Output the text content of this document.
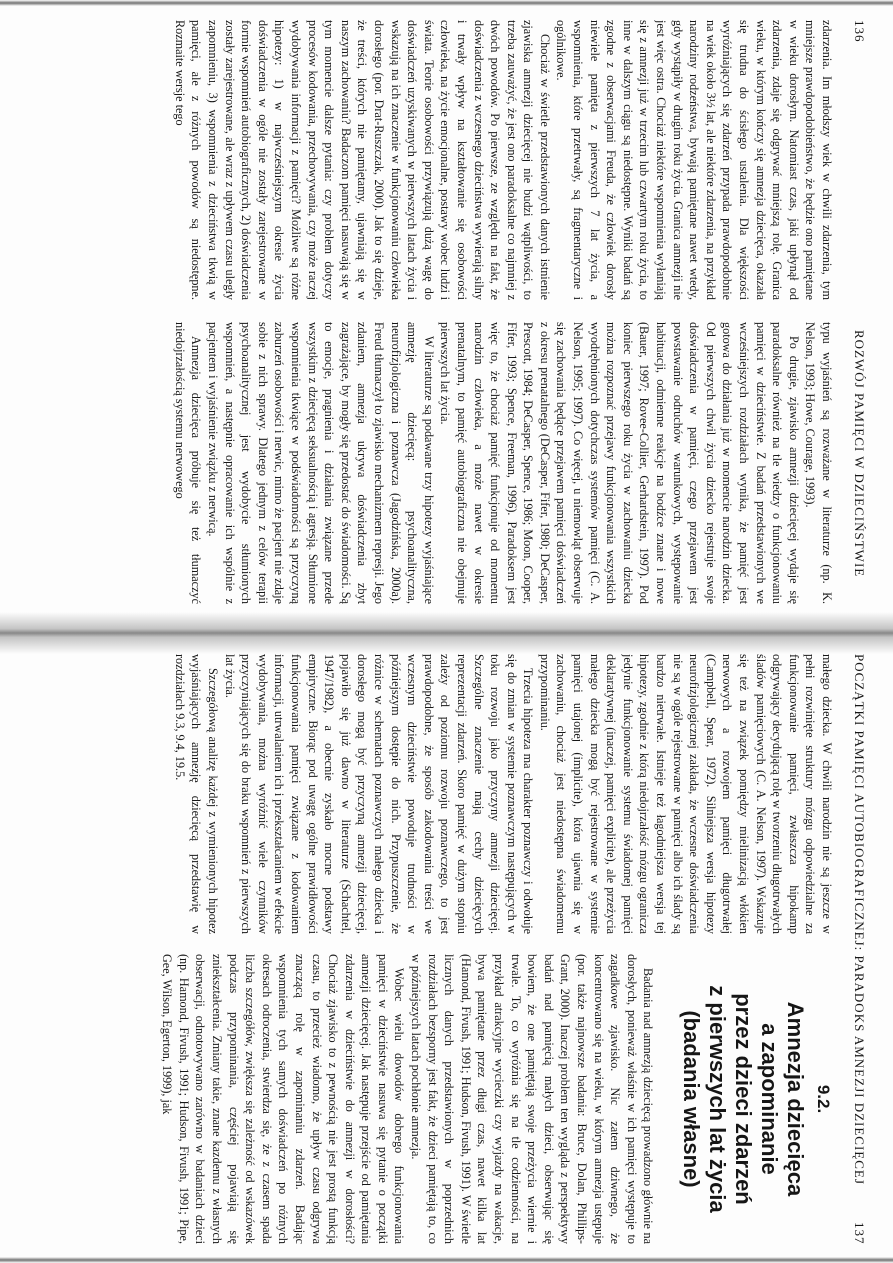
136
ROZWÓJ PAMIĘCI W DZIECIŃSTWIE

zdarzenia. Im młodszy wiek w chwili zdarzenia, tym mniejsze prawdopodobieństwo, że będzie ono pamiętane w wieku dorosłym. Natomiast czas, jaki upłynął od zdarzenia, zdaje się odgrywać mniejszą rolę. Granica wieku, w którym kończy się amnezja dziecięca, okazała się trudna do ścisłego ustalenia. Dla większości wyróżniających się zdarzeń przypada prawdopodobnie na wiek około 3½ lat, ale niektóre zdarzenia, na przykład narodziny rodzeństwa, bywają pamiętane nawet wtedy, gdy wystąpiły w drugim roku życia. Granica amnezji nie jest więc ostra. Chociaż niektóre wspomnienia wyłaniają się z amnezji już w trzecim lub czwartym roku życia, to inne w dalszym ciągu są niedostępne. Wyniki badań są zgodne z obserwacjami Freuda, że człowiek dorosły niewiele pamięta z pierwszych 7 lat życia, a wspomnienia, które przetrwały, są fragmentaryczne i ogólnikowe.

Chociaż w świetle przedstawionych danych istnienie zjawiska amnezji dziecięcej nie budzi wątpliwości, to trzeba zauważyć, że jest ono paradoksalne co najmniej z dwóch powodów. Po pierwsze, ze względu na fakt, że doświadczenia z wczesnego dzieciństwa wywierają silny i trwały wpływ na kształtowanie się osobowości człowieka, na życie emocjonalne, postawy wobec ludzi i świata. Teorie osobowości przywiązują dużą wagę do doświadczeń uzyskiwanych w pierwszych latach życia i wskazują na ich znaczenie w funkcjonowaniu człowieka dorosłego (por. Drat-Ruszczak, 2000). Jak to się dzieje, że treści, których nie pamiętamy, ujawniają się w naszym zachowaniu? Badaczom pamięci nasuwają się w tym momencie dalsze pytania: czy problem dotyczy procesów kodowania, przechowywania, czy może raczej wydobywania informacji z pamięci? Możliwe są różne hipotezy: 1) w najwcześniejszym okresie życia doświadczenia w ogóle nie zostały zarejestrowane w formie wspomnień autobiograficznych, 2) doświadczenia zostały zarejestrowane, ale wraz z upływem czasu uległy zapomnieniu, 3) wspomnienia z dzieciństwa tkwią w pamięci, ale z różnych powodów są niedostępne. Rozmaite wersje tego

typu wyjaśnień są rozważane w literaturze (np. K. Nelson, 1993; Howe, Courage, 1993).

Po drugie, zjawisko amnezji dziecięcej wydaje się paradoksalne również na tle wiedzy o funkcjonowaniu pamięci w dzieciństwie. Z badań przedstawionych we wcześniejszych rozdziałach wynika, że pamięć jest gotowa do działania już w momencie narodzin dziecka. Od pierwszych chwil życia dziecko rejestruje swoje doświadczenia w pamięci, czego przejawem jest powstawanie odruchów warunkowych, występowanie habituacji, odmienne reakcje na bodźce znane i nowe (Bauer, 1997; Rovee-Collier, Gerhardstein, 1997). Pod koniec pierwszego roku życia w zachowaniu dziecka można rozpoznać przejawy funkcjonowania wszystkich wyodrębnionych dotychczas systemów pamięci (C. A. Nelson, 1995; 1997). Co więcej, u niemowląt obserwuje się zachowania będące przejawem pamięci doświadczeń z okresu prenatalnego (DeCasper, Fifer, 1980; DeCasper, Prescott, 1984; DeCasper, Spence, 1986; Moon, Cooper, Fifer, 1993; Spence, Freeman, 1996). Paradoksem jest więc to, że chociaż pamięć funkcjonuje od momentu narodzin człowieka, a może nawet w okresie prenatalnym, to pamięć autobiograficzna nie obejmuje pierwszych lat życia.

W literaturze są podawane trzy hipotezy wyjaśniające amnezję dziecięcą: psychoanalityczna, neurofizjologiczna i poznawcza (Jagodzińska, 2000a). Freud tłumaczył to zjawisko mechanizmem represji. Jego zdaniem, amnezja ukrywa doświadczenia zbyt zagrażające, by mogły się przedostać do świadomości. Są to emocje, pragnienia i działania związane przede wszystkim z dziecięcą seksualnością i agresją. Stłumione wspomnienia tkwiące w podświadomości są przyczyną zaburzeń osobowości i nerwic, mimo że pacjent nie zdaje sobie z nich sprawy. Dlatego jednym z celów terapii psychoanalitycznej jest wydobycie stłumionych wspomnień, a następnie opracowanie ich wspólnie z pacjentem i wyjaśnienie związku z nerwicą.

Amnezja dziecięca próbuje się też tłumaczyć niedojrzałością systemu nerwowego

POCZĄTKI PAMIĘCI AUTOBIOGRAFICZNEJ: PARADOKS AMNEZJI DZIECIĘCEJ
137

małego dziecka. W chwili narodzin nie są jeszcze w pełni rozwinięte struktury mózgu odpowiedzialne za funkcjonowanie pamięci, zwłaszcza hipokamp odgrywający decydującą rolę w tworzeniu długotrwałych śladów pamięciowych (C. A. Nelson, 1997). Wskazuje się też na związek pomiędzy mielinizacją włókien nerwowych a rozwojem pamięci długotrwałej (Campbell, Spear, 1972). Silniejsza wersja hipotezy neurofizjologicznej zakłada, że wczesne doświadczenia nie są w ogóle rejestrowane w pamięci albo ich ślady są bardzo nietrwałe. Istnieje też łagodniejsza wersja tej hipotezy, zgodnie z którą niedojrzałość mózgu ogranicza jedynie funkcjonowanie systemu świadomej pamięci deklaratywnej (inaczej, pamięci explicite), ale przeżycia małego dziecka mogą być rejestrowane w systemie pamięci utajonej (implicite), która ujawnia się w zachowaniu, chociaż jest niedostępna świadomemu przypominaniu.

Trzecia hipoteza ma charakter poznawczy i odwołuje się do zmian w systemie poznawczym następujących w toku rozwoju jako przyczyny amnezji dziecięcej. Szczególne znaczenie mają cechy dziecięcych reprezentacji zdarzeń. Skoro pamięć w dużym stopniu zależy od poziomu rozwoju poznawczego, to jest prawdopodobne, że sposób zakodowania treści we wczesnym dzieciństwie powoduje trudności w późniejszym dostępie do nich. Przypuszczenie, że różnice w schematach poznawczych małego dziecka i dorosłego mogą być przyczyną amnezji dziecięcej, pojawiło się już dawno w literaturze (Schachtel, 1947/1982), a obecnie zyskało mocne podstawy empiryczne. Biorąc pod uwagę ogólne prawidłowości funkcjonowania pamięci związane z kodowaniem informacji, utrwalaniem ich i przekształcaniem w efekcie wydobywania, można wyróżnić wiele czynników przyczyniających się do braku wspomnień z pierwszych lat życia.

Szczegółową analizę każdej z wymienionych hipotez wyjaśniających amnezję dziecięcą przedstawię w rozdziałach 9.3, 9.4, 19.5.

9.2.
Amnezja dziecięca
a zapominanie
przez dzieci zdarzeń
z pierwszych lat życia
(badania własne)

Badania nad amnezją dziecięcą prowadzono głównie na dorosłych, ponieważ właśnie w ich pamięci występuje to zagadkowe zjawisko. Nic zatem dziwnego, że koncentrowano się na wieku, w którym amnezja ustępuje (por. także najnowsze badania: Bruce, Dolan, Phillips-Grant, 2000). Inaczej problem ten wygląda z perspektywy badań nad pamięcią małych dzieci, obserwując się bowiem, że one pamiętają swoje przeżycia wiernie i trwale. To, co wyróżnia się na tle codzienności, na przykład atrakcyjne wycieczki czy wyjazdy na wakacje, bywa pamiętane przez długi czas, nawet kilka lat (Hamond, Fivush, 1991; Hudson, Fivush, 1991). W świetle licznych danych przedstawionych w poprzednich rozdziałach bezsporny jest fakt, że dzieci pamiętają to, co w późniejszych latach pochłonie amnezja.

Wobec wielu dowodów dobrego funkcjonowania pamięci w dzieciństwie nasuwa się pytanie o początki amnezji dziecięcej. Jak następuje przejście od pamiętania zdarzenia w dzieciństwie do amnezji w dorosłości? Chociaż zjawisko to z pewnością nie jest prostą funkcją czasu, to przecież wiadomo, że upływ czasu odgrywa znaczącą rolę w zapominaniu zdarzeń. Badając wspomnienia tych samych doświadczeń po różnych okresach odroczenia, stwierdza się, że z czasem spada liczba szczegółów, zwiększa się zależność od wskazówek podczas przypominania, częściej pojawiają się zniekształcenia. Zmiany takie, znane kazdemu z własnych obserwacji, odnotowywano zarówno w badaniach dzieci (np. Hamond, Fivush, 1991; Hudson, Fivush, 1991; Pipe, Gee, Wilson, Egerton, 1999), jak
